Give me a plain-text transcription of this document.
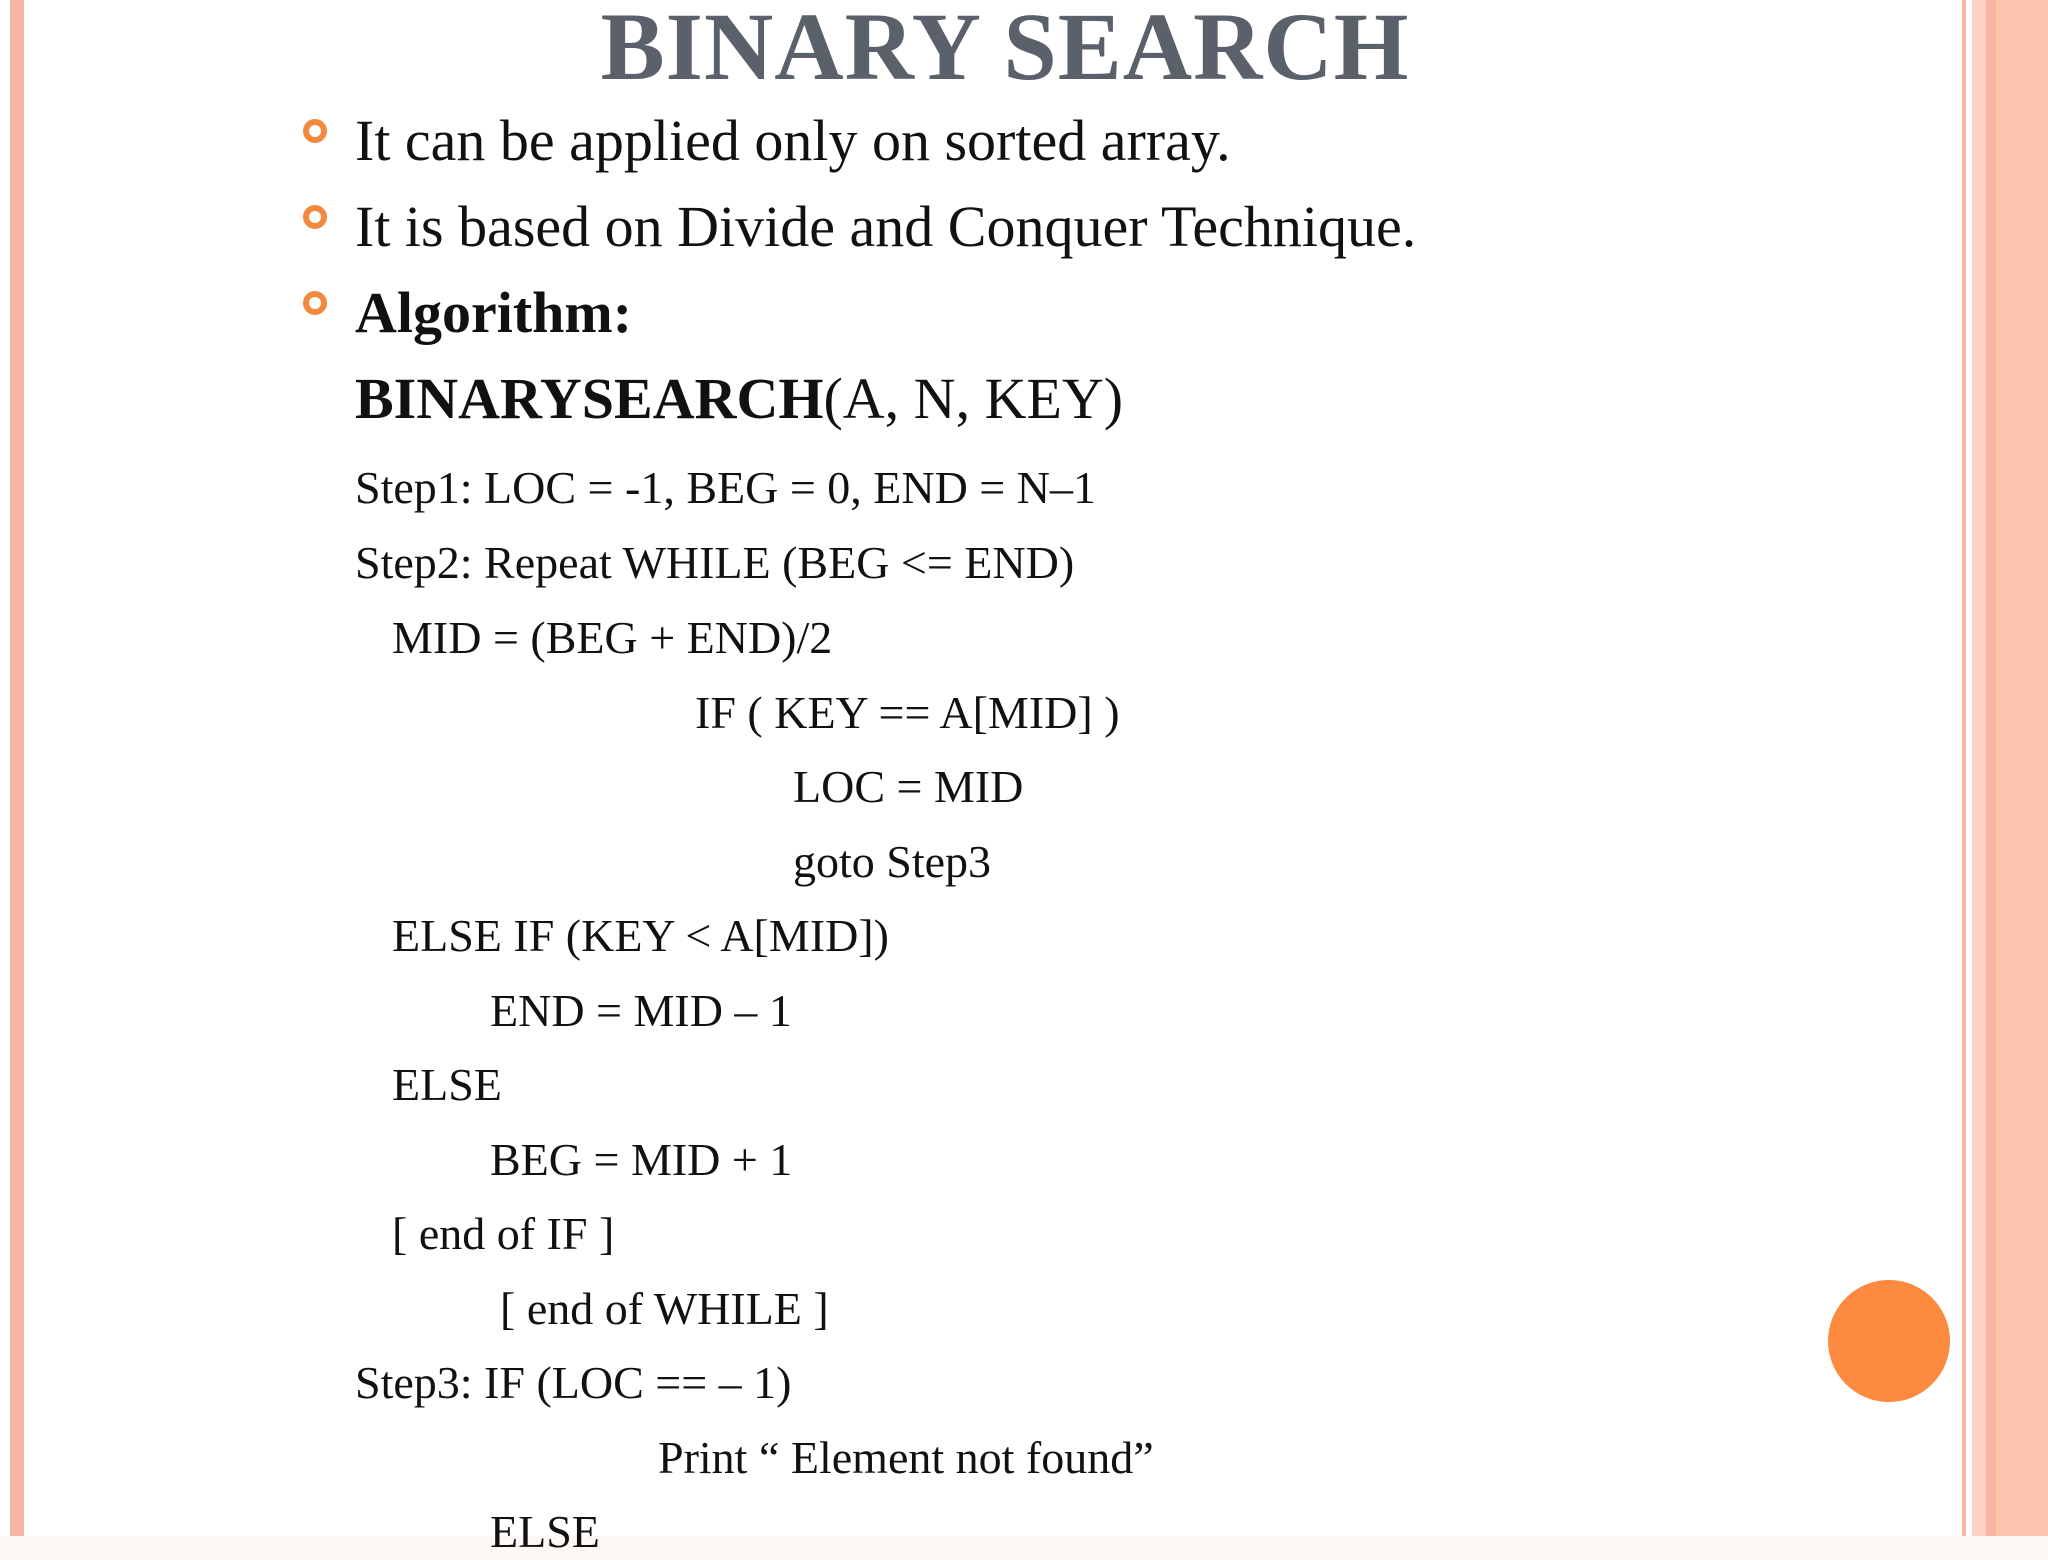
BINARY SEARCH
It can be applied only on sorted array.
It is based on Divide and Conquer Technique.
Algorithm:
BINARYSEARCH(A, N, KEY)
Step1: LOC = -1, BEG = 0, END = N–1
Step2: Repeat WHILE (BEG <= END)
MID = (BEG + END)/2
IF ( KEY == A[MID] )
LOC = MID
goto Step3
ELSE IF (KEY < A[MID])
END = MID – 1
ELSE
BEG = MID + 1
[ end of IF ]
[ end of WHILE ]
Step3: IF (LOC == – 1)
Print “ Element not found”
ELSE
